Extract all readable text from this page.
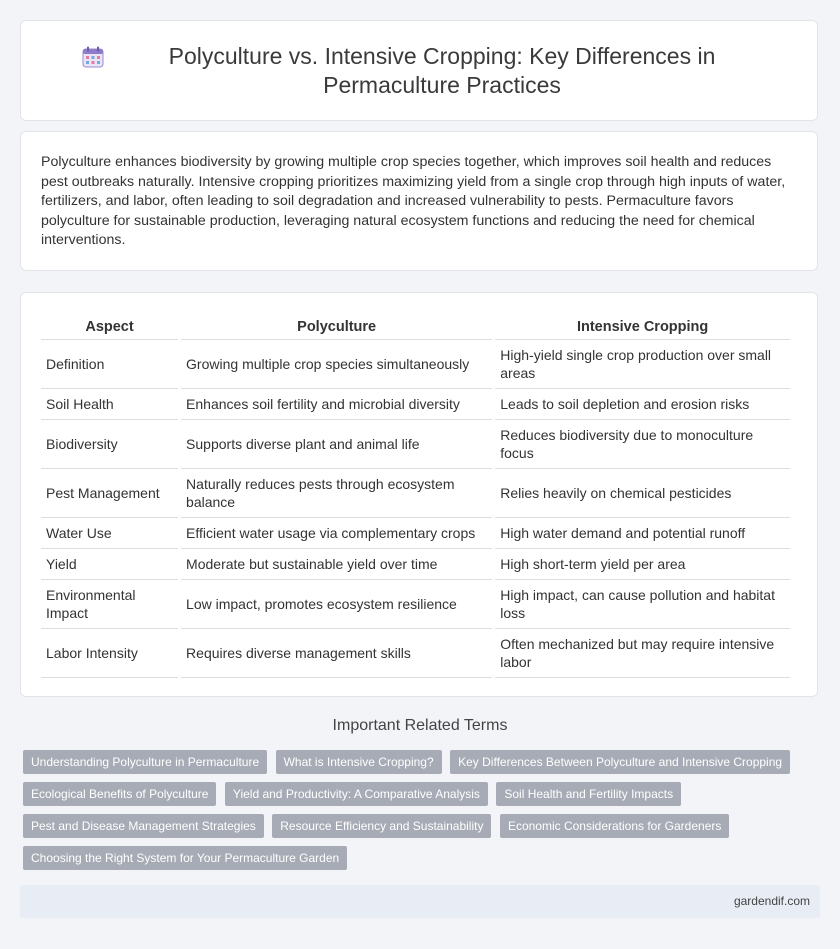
Polyculture vs. Intensive Cropping: Key Differences in Permaculture Practices

Polyculture enhances biodiversity by growing multiple crop species together, which improves soil health and reduces pest outbreaks naturally. Intensive cropping prioritizes maximizing yield from a single crop through high inputs of water, fertilizers, and labor, often leading to soil degradation and increased vulnerability to pests. Permaculture favors polyculture for sustainable production, leveraging natural ecosystem functions and reducing the need for chemical interventions.

Aspect	Polyculture	Intensive Cropping
Definition	Growing multiple crop species simultaneously	High-yield single crop production over small areas
Soil Health	Enhances soil fertility and microbial diversity	Leads to soil depletion and erosion risks
Biodiversity	Supports diverse plant and animal life	Reduces biodiversity due to monoculture focus
Pest Management	Naturally reduces pests through ecosystem balance	Relies heavily on chemical pesticides
Water Use	Efficient water usage via complementary crops	High water demand and potential runoff
Yield	Moderate but sustainable yield over time	High short-term yield per area
Environmental Impact	Low impact, promotes ecosystem resilience	High impact, can cause pollution and habitat loss
Labor Intensity	Requires diverse management skills	Often mechanized but may require intensive labor
Important Related Terms
Understanding Polyculture in Permaculture What is Intensive Cropping? Key Differences Between Polyculture and Intensive Cropping Ecological Benefits of Polyculture Yield and Productivity: A Comparative Analysis Soil Health and Fertility Impacts Pest and Disease Management Strategies Resource Efficiency and Sustainability Economic Considerations for Gardeners Choosing the Right System for Your Permaculture Garden
gardendif.com
